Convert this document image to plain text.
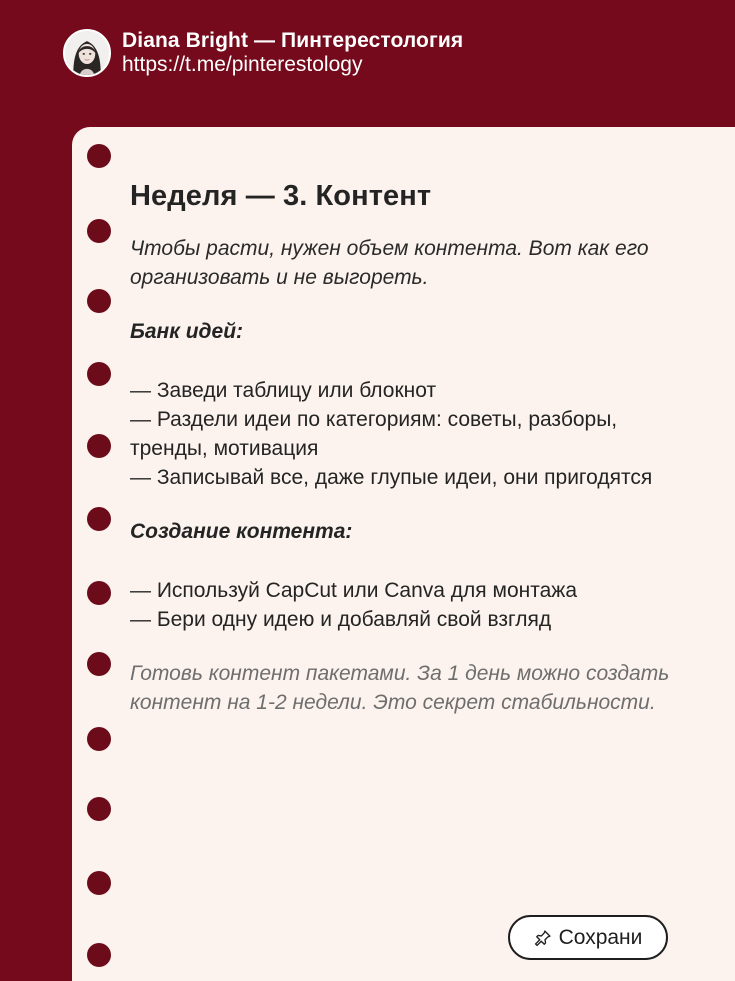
Diana Bright — Пинтерестология
https://t.me/pinterestology
Неделя — 3. Контент

Чтобы расти, нужен объем контента. Вот как его организовать и не выгореть.

Банк идей:
— Заведи таблицу или блокнот
— Раздели идеи по категориям: советы, разборы, тренды, мотивация
— Записывай все, даже глупые идеи, они пригодятся
Создание контента:
— Используй CapCut или Canva для монтажа
— Бери одну идею и добавляй свой взгляд

Готовь контент пакетами. За 1 день можно создать контент на 1-2 недели. Это секрет стабильности.

Сохрани
